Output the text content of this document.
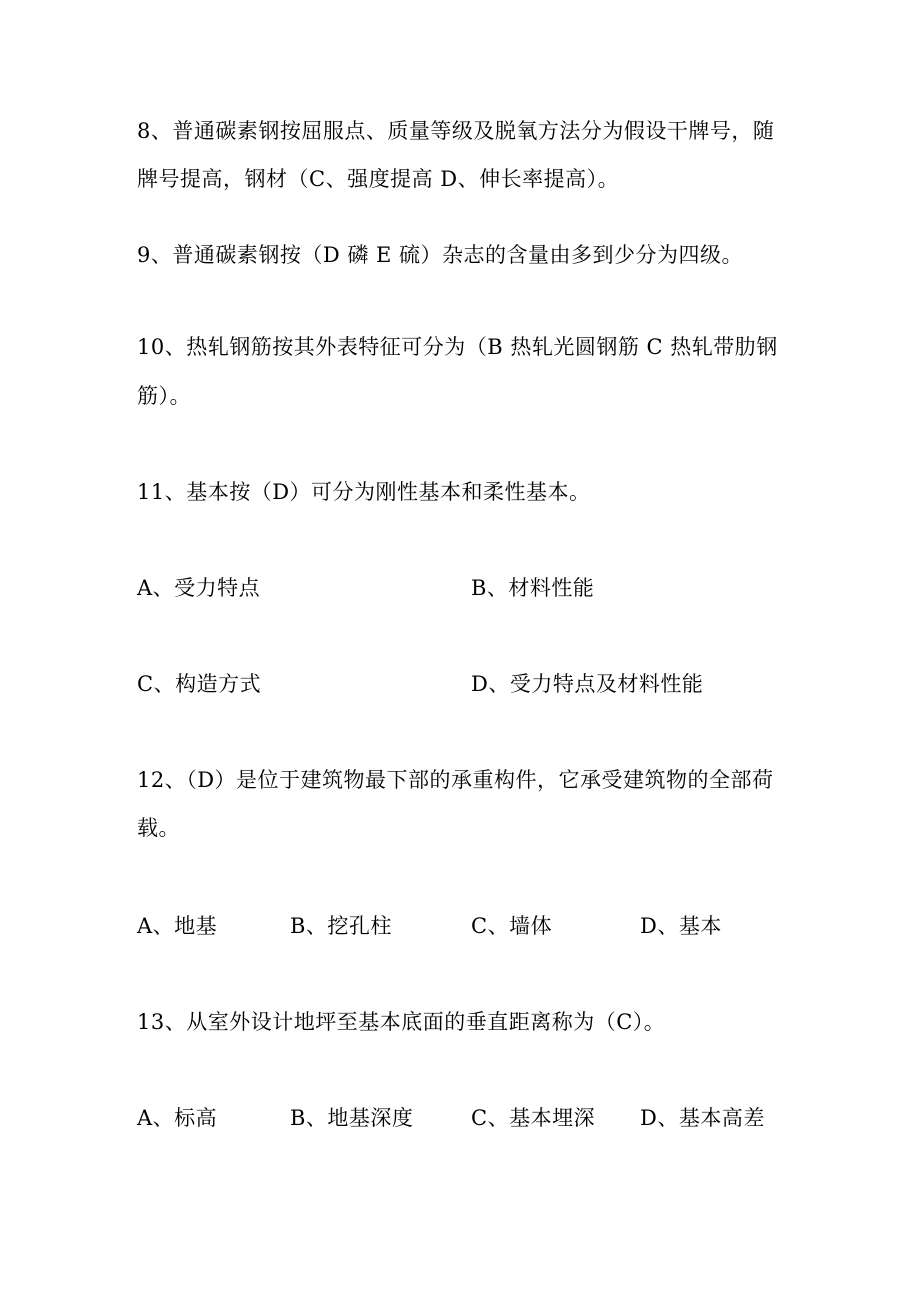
8、普通碳素钢按屈服点、质量等级及脱氧方法分为假设干牌号，随
牌号提高，钢材（C、强度提高 D、伸长率提高）。
9、普通碳素钢按（D 磷 E 硫）杂志的含量由多到少分为四级。
10、热轧钢筋按其外表特征可分为（B 热轧光圆钢筋 C 热轧带肋钢
筋）。
11、基本按（D）可分为刚性基本和柔性基本。
A、受力特点	B、材料性能
C、构造方式	D、受力特点及材料性能
12、（D）是位于建筑物最下部的承重构件，它承受建筑物的全部荷
载。
A、地基	B、挖孔柱	C、墙体	D、基本
13、从室外设计地坪至基本底面的垂直距离称为（C）。
A、标高	B、地基深度	C、基本埋深 D、基本高差
